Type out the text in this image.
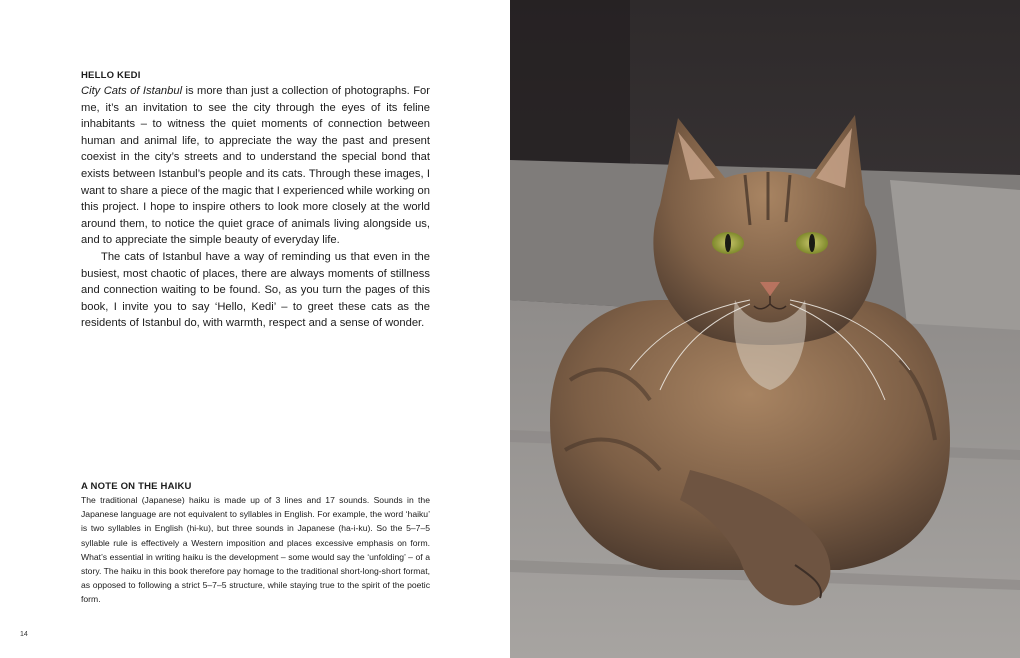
HELLO KEDI

City Cats of Istanbul is more than just a collection of photographs. For me, it’s an invitation to see the city through the eyes of its feline inhabitants – to witness the quiet moments of connection between human and animal life, to appreciate the way the past and present coexist in the city’s streets and to understand the special bond that exists between Istanbul’s people and its cats. Through these images, I want to share a piece of the magic that I experienced while working on this project. I hope to inspire others to look more closely at the world around them, to notice the quiet grace of animals living alongside us, and to appreciate the simple beauty of everyday life.

The cats of Istanbul have a way of reminding us that even in the busiest, most chaotic of places, there are always moments of stillness and connection waiting to be found. So, as you turn the pages of this book, I invite you to say ‘Hello, Kedi’ – to greet these cats as the residents of Istanbul do, with warmth, respect and a sense of wonder.

A NOTE ON THE HAIKU

The traditional (Japanese) haiku is made up of 3 lines and 17 sounds. Sounds in the Japanese language are not equivalent to syllables in English. For example, the word ‘haiku’ is two syllables in English (hi-ku), but three sounds in Japanese (ha-i-ku). So the 5–7–5 syllable rule is effectively a Western imposition and places excessive emphasis on form. What’s essential in writing haiku is the development – some would say the ‘unfolding’ – of a story. The haiku in this book therefore pay homage to the traditional short-long-short format, as opposed to following a strict 5–7–5 structure, while staying true to the spirit of the poetic form.

14
